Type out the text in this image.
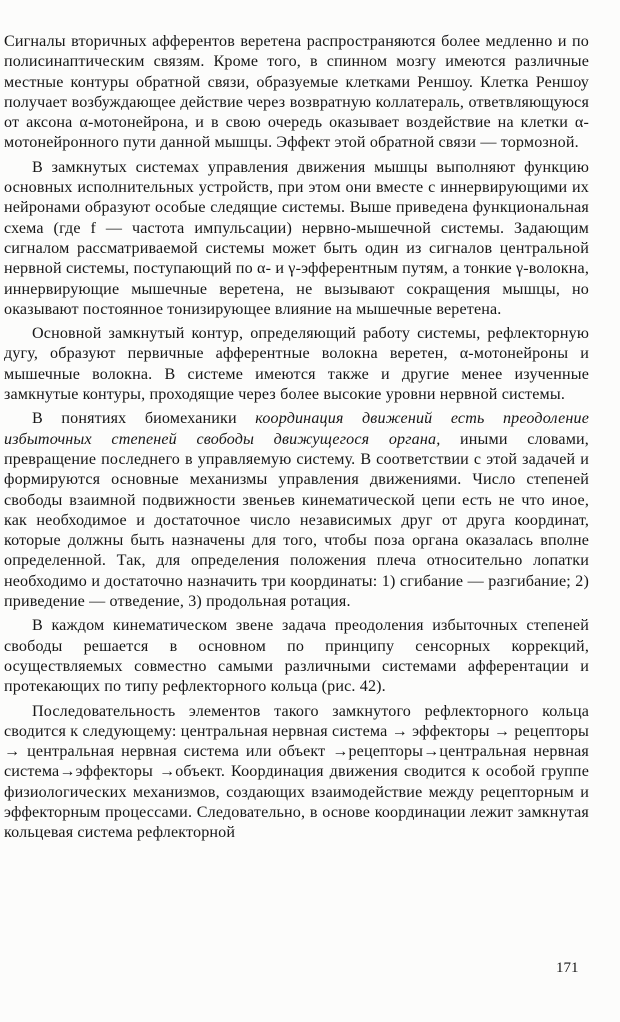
Сигналы вторичных афферентов веретена распространяются более медленно и по полисинаптическим связям. Кроме того, в спинном мозгу имеются различные местные контуры обратной связи, образуемые клетками Реншоу. Клетка Реншоу получает возбуждающее действие через возвратную коллатераль, ответвляющуюся от аксона α-мотонейрона, и в свою очередь оказывает воздействие на клетки α-мотонейронного пути данной мышцы. Эффект этой обратной связи — тормозной.

В замкнутых системах управления движения мышцы выполняют функцию основных исполнительных устройств, при этом они вместе с иннервирующими их нейронами образуют особые следящие системы. Выше приведена функциональная схема (где f — частота импульсации) нервно-мышечной системы. Задающим сигналом рассматриваемой системы может быть один из сигналов центральной нервной системы, поступающий по α- и γ-эфферентным путям, а тонкие γ-волокна, иннервирующие мышечные веретена, не вызывают сокращения мышцы, но оказывают постоянное тонизирующее влияние на мышечные веретена.

Основной замкнутый контур, определяющий работу системы, рефлекторную дугу, образуют первичные афферентные волокна веретен, α-мотонейроны и мышечные волокна. В системе имеются также и другие менее изученные замкнутые контуры, проходящие через более высокие уровни нервной системы.

В понятиях биомеханики координация движений есть преодоление избыточных степеней свободы движущегося органа, иными словами, превращение последнего в управляемую систему. В соответствии с этой задачей и формируются основные механизмы управления движениями. Число степеней свободы взаимной подвижности звеньев кинематической цепи есть не что иное, как необходимое и достаточное число независимых друг от друга координат, которые должны быть назначены для того, чтобы поза органа оказалась вполне определенной. Так, для определения положения плеча относительно лопатки необходимо и достаточно назначить три координаты: 1) сгибание — разгибание; 2) приведение — отведение, 3) продольная ротация.

В каждом кинематическом звене задача преодоления избыточных степеней свободы решается в основном по принципу сенсорных коррекций, осуществляемых совместно самыми различными системами афферентации и протекающих по типу рефлекторного кольца (рис. 42).

Последовательность элементов такого замкнутого рефлекторного кольца сводится к следующему: центральная нервная система → эффекторы → рецепторы → центральная нервная система или объект →рецепторы→центральная нервная система→эффекторы →объект. Координация движения сводится к особой группе физиологических механизмов, создающих взаимодействие между рецепторным и эффекторным процессами. Следовательно, в основе координации лежит замкнутая кольцевая система рефлекторной

171
